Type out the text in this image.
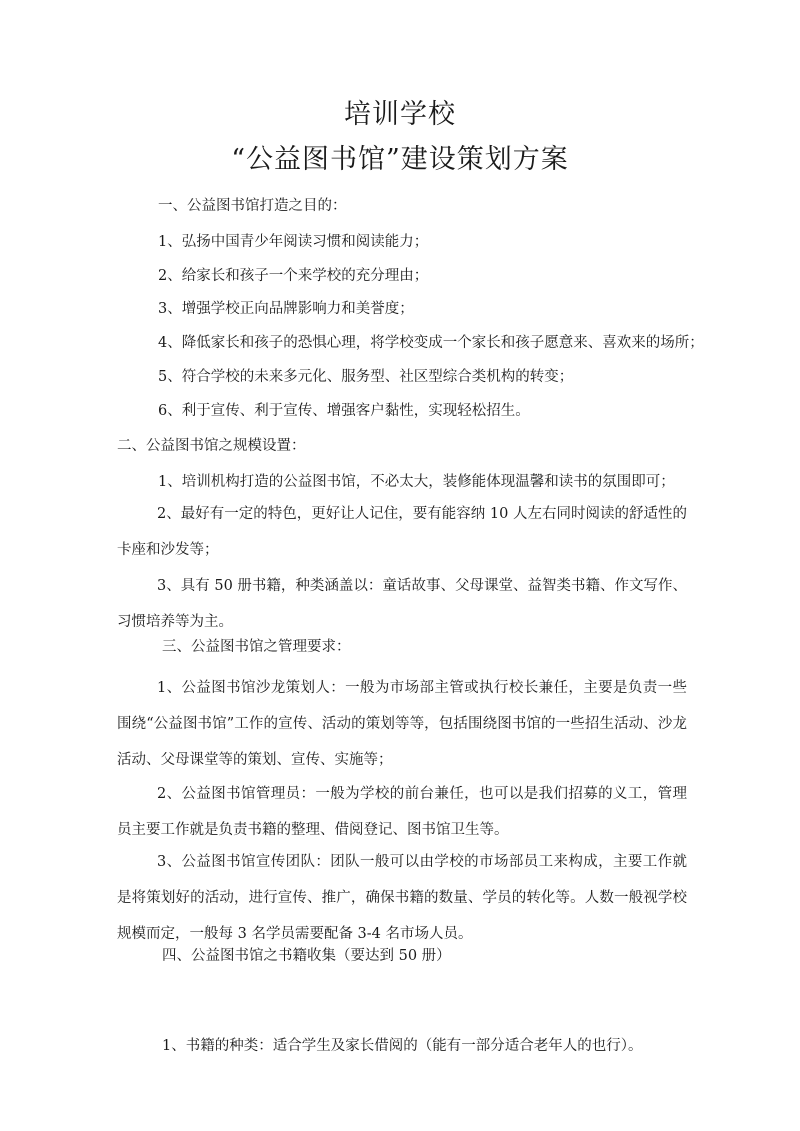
培训学校
“公益图书馆”建设策划方案
一、公益图书馆打造之目的：
1、弘扬中国青少年阅读习惯和阅读能力；
2、给家长和孩子一个来学校的充分理由；
3、增强学校正向品牌影响力和美誉度；
4、降低家长和孩子的恐惧心理，将学校变成一个家长和孩子愿意来、喜欢来的场所；
5、符合学校的未来多元化、服务型、社区型综合类机构的转变；
6、利于宣传、利于宣传、增强客户黏性，实现轻松招生。
二、公益图书馆之规模设置：
1、培训机构打造的公益图书馆，不必太大，装修能体现温馨和读书的氛围即可；
2、最好有一定的特色，更好让人记住，要有能容纳 10 人左右同时阅读的舒适性的卡座和沙发等；
3、具有 50 册书籍，种类涵盖以：童话故事、父母课堂、益智类书籍、作文写作、习惯培养等为主。
三、公益图书馆之管理要求：
1、公益图书馆沙龙策划人：一般为市场部主管或执行校长兼任，主要是负责一些围绕“公益图书馆”工作的宣传、活动的策划等等，包括围绕图书馆的一些招生活动、沙龙活动、父母课堂等的策划、宣传、实施等；
2、公益图书馆管理员：一般为学校的前台兼任，也可以是我们招募的义工，管理员主要工作就是负责书籍的整理、借阅登记、图书馆卫生等。
3、公益图书馆宣传团队：团队一般可以由学校的市场部员工来构成，主要工作就是将策划好的活动，进行宣传、推广，确保书籍的数量、学员的转化等。人数一般视学校规模而定，一般每 3 名学员需要配备 3-4 名市场人员。
四、公益图书馆之书籍收集（要达到 50 册）
1、书籍的种类：适合学生及家长借阅的（能有一部分适合老年人的也行）。
